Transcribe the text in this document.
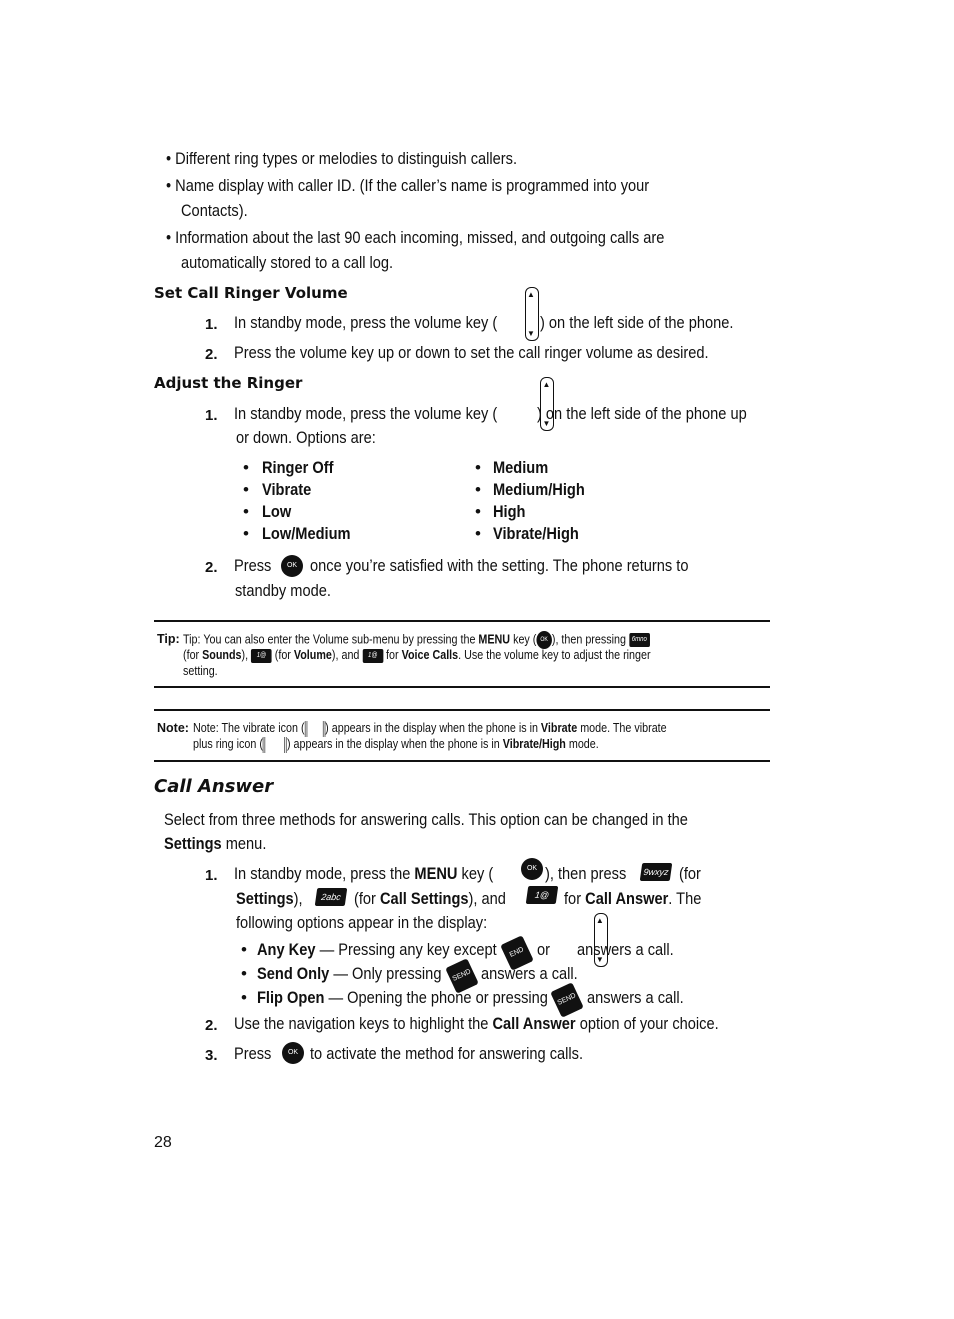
• Different ring types or melodies to distinguish callers.
• Name display with caller ID. (If the caller’s name is programmed into your
Contacts).
• Information about the last 90 each incoming, missed, and outgoing calls are
automatically stored to a call log.
Set Call Ringer Volume
1. In standby mode, press the volume key ( ▲ ▼	) on the left side of the phone.
2. Press the volume key up or down to set the call ringer volume as desired.
Adjust the Ringer
1. In standby mode, press the volume key ( ▲ ▼	) on the left side of the phone up
or down. Options are:
• Ringer Off
• Vibrate
• Low
• Low/Medium
• Medium
• Medium/High
• High
• Vibrate/High
2. Press	OK once you’re satisfied with the setting. The phone returns to
standby mode.
Tip: Tip: You can also enter the Volume sub-menu by pressing the MENU key ( OK ), then pressing 6mno
(for Sounds), 1@ (for Volume), and 1@ for Voice Calls. Use the volume key to adjust the ringer
setting.
Note: Note: The vibrate icon ( ) appears in the display when the phone is in Vibrate mode. The vibrate
plus ring icon ( ) appears in the display when the phone is in Vibrate/High mode.
Call Answer
Select from three methods for answering calls. This option can be changed in the
Settings menu.
1. In standby mode, press the MENU key (	OK ), then press	9wxyz (for
Settings),	2abc (for Call Settings), and	1@ for Call Answer. The
following options appear in the display:
• Any Key — Pressing any key except	END or ▲ ▼ answers a call.
• Send Only — Only pressing	SEND answers a call.
• Flip Open — Opening the phone or pressing	SEND answers a call.
2. Use the navigation keys to highlight the Call Answer option of your choice.
3. Press	OK to activate the method for answering calls.
28
